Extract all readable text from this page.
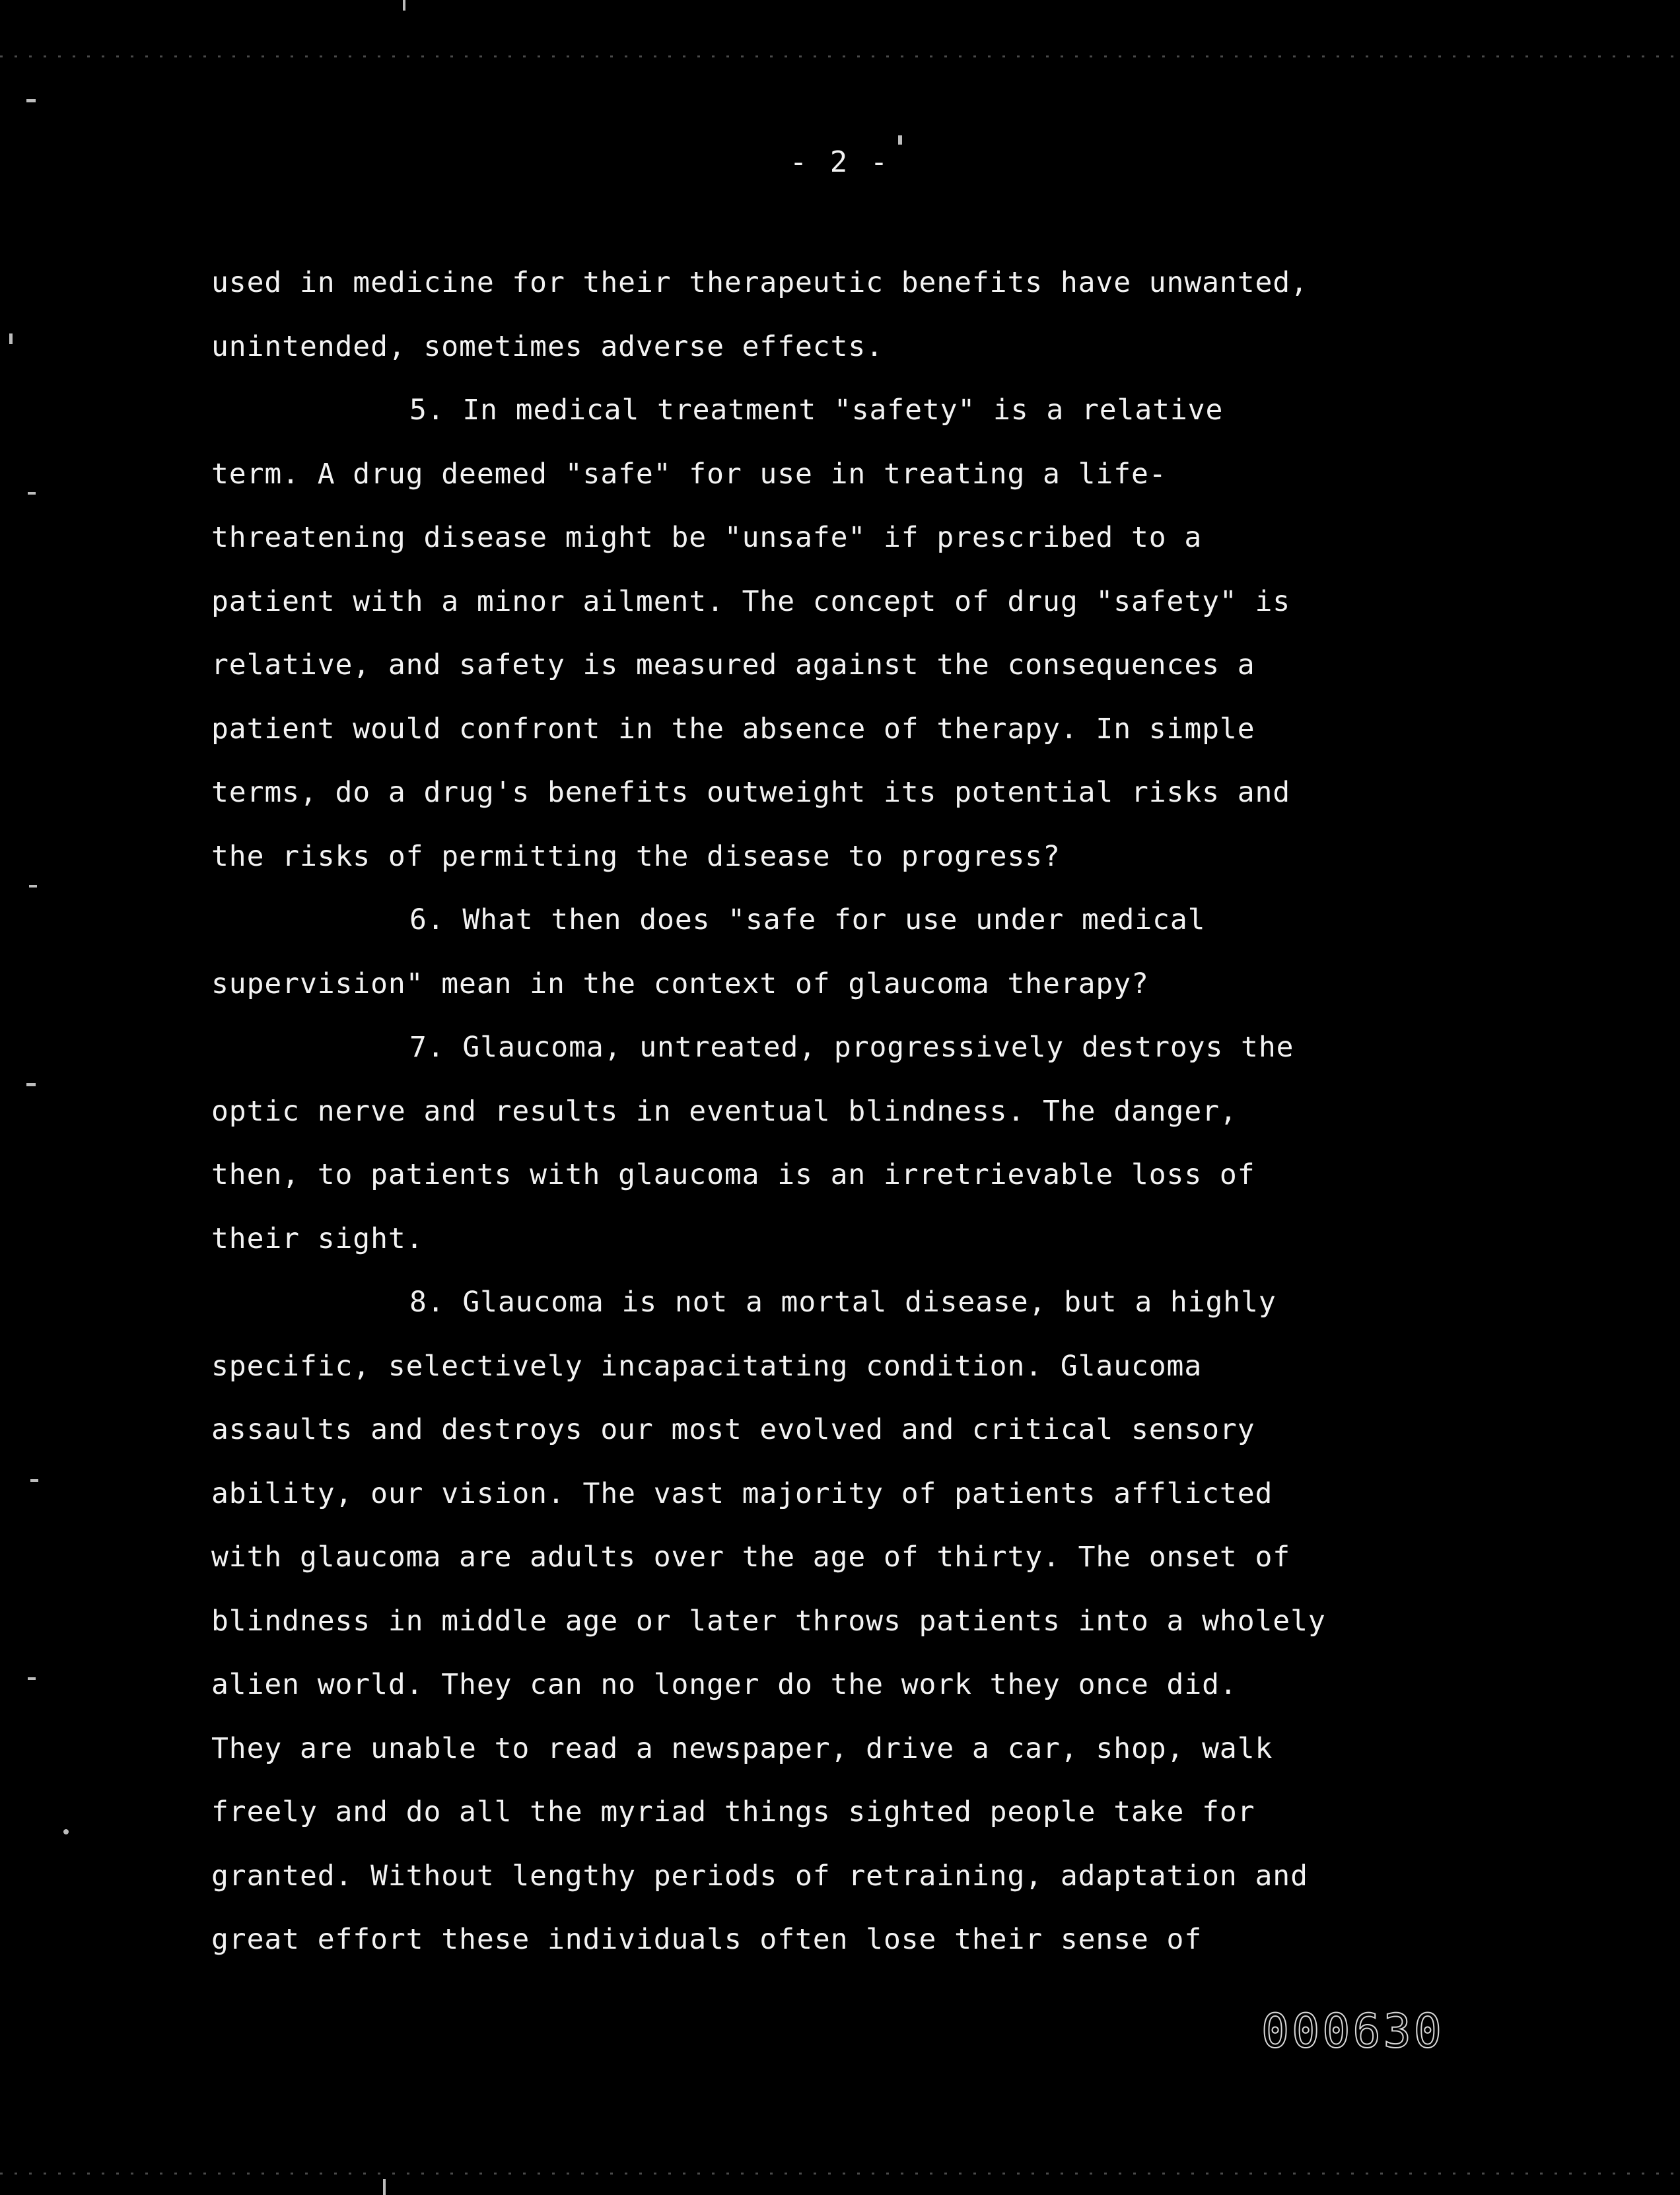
- 2 -
used in medicine for their therapeutic benefits have unwanted,
unintended, sometimes adverse effects.
5. In medical treatment "safety" is a relative
term. A drug deemed "safe" for use in treating a life-
threatening disease might be "unsafe" if prescribed to a
patient with a minor ailment. The concept of drug "safety" is
relative, and safety is measured against the consequences a
patient would confront in the absence of therapy. In simple
terms, do a drug's benefits outweight its potential risks and
the risks of permitting the disease to progress?
6. What then does "safe for use under medical
supervision" mean in the context of glaucoma therapy?
7. Glaucoma, untreated, progressively destroys the
optic nerve and results in eventual blindness. The danger,
then, to patients with glaucoma is an irretrievable loss of
their sight.
8. Glaucoma is not a mortal disease, but a highly
specific, selectively incapacitating condition. Glaucoma
assaults and destroys our most evolved and critical sensory
ability, our vision. The vast majority of patients afflicted
with glaucoma are adults over the age of thirty. The onset of
blindness in middle age or later throws patients into a wholely
alien world. They can no longer do the work they once did.
They are unable to read a newspaper, drive a car, shop, walk
freely and do all the myriad things sighted people take for
granted. Without lengthy periods of retraining, adaptation and
great effort these individuals often lose their sense of
000630
